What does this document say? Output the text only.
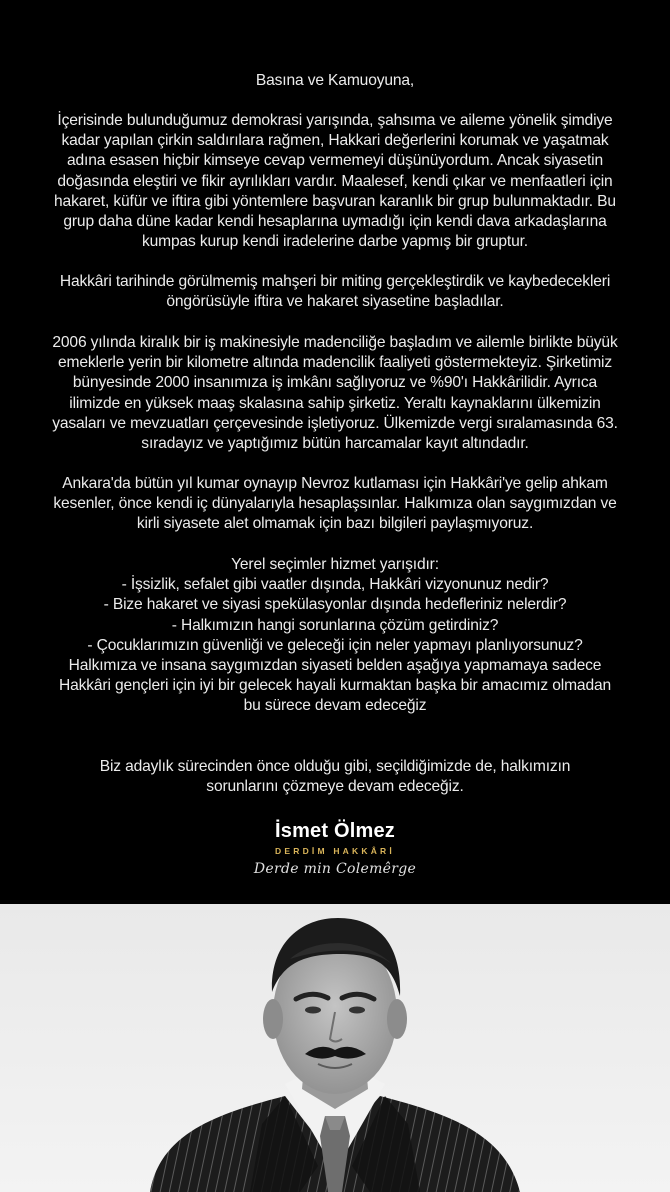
Basına ve Kamuoyuna,
İçerisinde bulunduğumuz demokrasi yarışında, şahsıma ve aileme yönelik şimdiye
kadar yapılan çirkin saldırılara rağmen, Hakkari değerlerini korumak ve yaşatmak
adına esasen hiçbir kimseye cevap vermemeyi düşünüyordum. Ancak siyasetin
doğasında eleştiri ve fikir ayrılıkları vardır. Maalesef, kendi çıkar ve menfaatleri için
hakaret, küfür ve iftira gibi yöntemlere başvuran karanlık bir grup bulunmaktadır. Bu
grup daha düne kadar kendi hesaplarına uymadığı için kendi dava arkadaşlarına
kumpas kurup kendi iradelerine darbe yapmış bir gruptur.
Hakkâri tarihinde görülmemiş mahşeri bir miting gerçekleştirdik ve kaybedecekleri
öngörüsüyle iftira ve hakaret siyasetine başladılar.
2006 yılında kiralık bir iş makinesiyle madenciliğe başladım ve ailemle birlikte büyük
emeklerle yerin bir kilometre altında madencilik faaliyeti göstermekteyiz. Şirketimiz
bünyesinde 2000 insanımıza iş imkânı sağlıyoruz ve %90'ı Hakkârilidir. Ayrıca
ilimizde en yüksek maaş skalasına sahip şirketiz. Yeraltı kaynaklarını ülkemizin
yasaları ve mevzuatları çerçevesinde işletiyoruz. Ülkemizde vergi sıralamasında 63.
sıradayız ve yaptığımız bütün harcamalar kayıt altındadır.
Ankara'da bütün yıl kumar oynayıp Nevroz kutlaması için Hakkâri'ye gelip ahkam
kesenler, önce kendi iç dünyalarıyla hesaplaşsınlar. Halkımıza olan saygımızdan ve
kirli siyasete alet olmamak için bazı bilgileri paylaşmıyoruz.
Yerel seçimler hizmet yarışıdır:
- İşsizlik, sefalet gibi vaatler dışında, Hakkâri vizyonunuz nedir?
- Bize hakaret ve siyasi spekülasyonlar dışında hedefleriniz nelerdir?
- Halkımızın hangi sorunlarına çözüm getirdiniz?
- Çocuklarımızın güvenliği ve geleceği için neler yapmayı planlıyorsunuz?
Halkımıza ve insana saygımızdan siyaseti belden aşağıya yapmamaya sadece
Hakkâri gençleri için iyi bir gelecek hayali kurmaktan başka bir amacımız olmadan
bu sürece devam edeceğiz
Biz adaylık sürecinden önce olduğu gibi, seçildiğimizde de, halkımızın
sorunlarını çözmeye devam edeceğiz.
İsmet Ölmez
DERDİM HAKKÂRİ
Derde min Colemêrge
